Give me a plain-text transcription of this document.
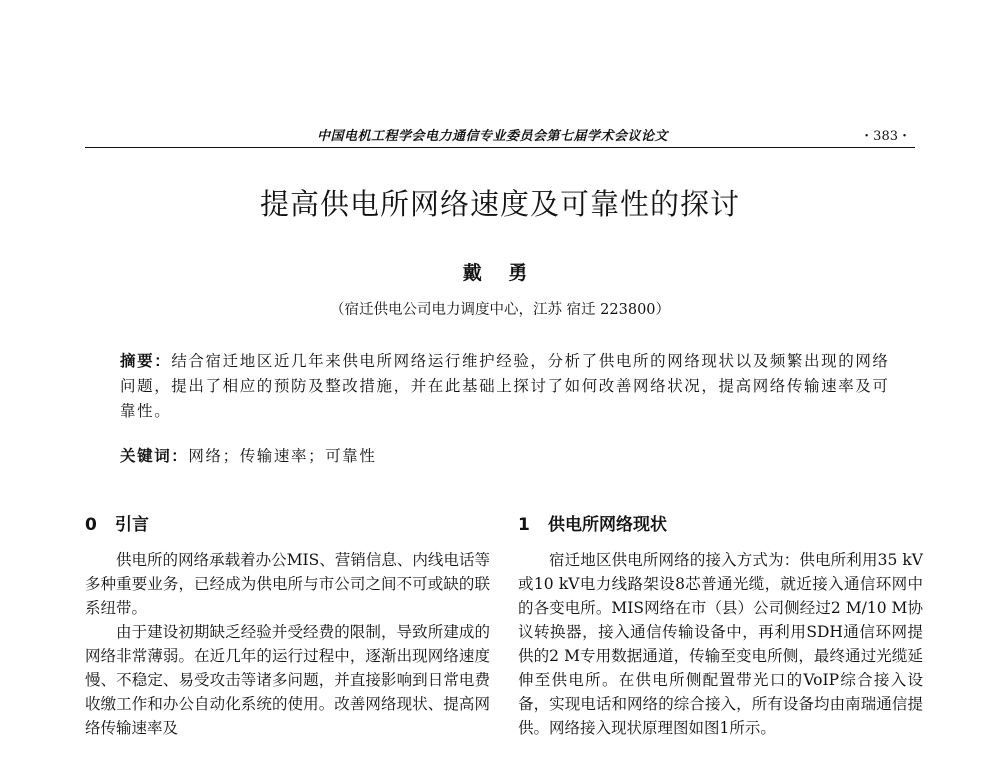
中国电机工程学会电力通信专业委员会第七届学术会议论文	・383・
提高供电所网络速度及可靠性的探讨
戴 勇
（宿迁供电公司电力调度中心，江苏 宿迁 223800）
摘要：结合宿迁地区近几年来供电所网络运行维护经验，分析了供电所的网络现状以及频繁出现的网络问题，提出了相应的预防及整改措施，并在此基础上探讨了如何改善网络状况，提高网络传输速率及可靠性。
关键词：网络；传输速率；可靠性
0 引言

供电所的网络承载着办公MIS、营销信息、内线电话等多种重要业务，已经成为供电所与市公司之间不可或缺的联系纽带。

由于建设初期缺乏经验并受经费的限制，导致所建成的网络非常薄弱。在近几年的运行过程中，逐渐出现网络速度慢、不稳定、易受攻击等诸多问题，并直接影响到日常电费收缴工作和办公自动化系统的使用。改善网络现状、提高网络传输速率及

1 供电所网络现状

宿迁地区供电所网络的接入方式为：供电所利用35 kV或10 kV电力线路架设8芯普通光缆，就近接入通信环网中的各变电所。MIS网络在市（县）公司侧经过2 M/10 M协议转换器，接入通信传输设备中，再利用SDH通信环网提供的2 M专用数据通道，传输至变电所侧，最终通过光缆延伸至供电所。在供电所侧配置带光口的VoIP综合接入设备，实现电话和网络的综合接入，所有设备均由南瑞通信提供。网络接入现状原理图如图1所示。
